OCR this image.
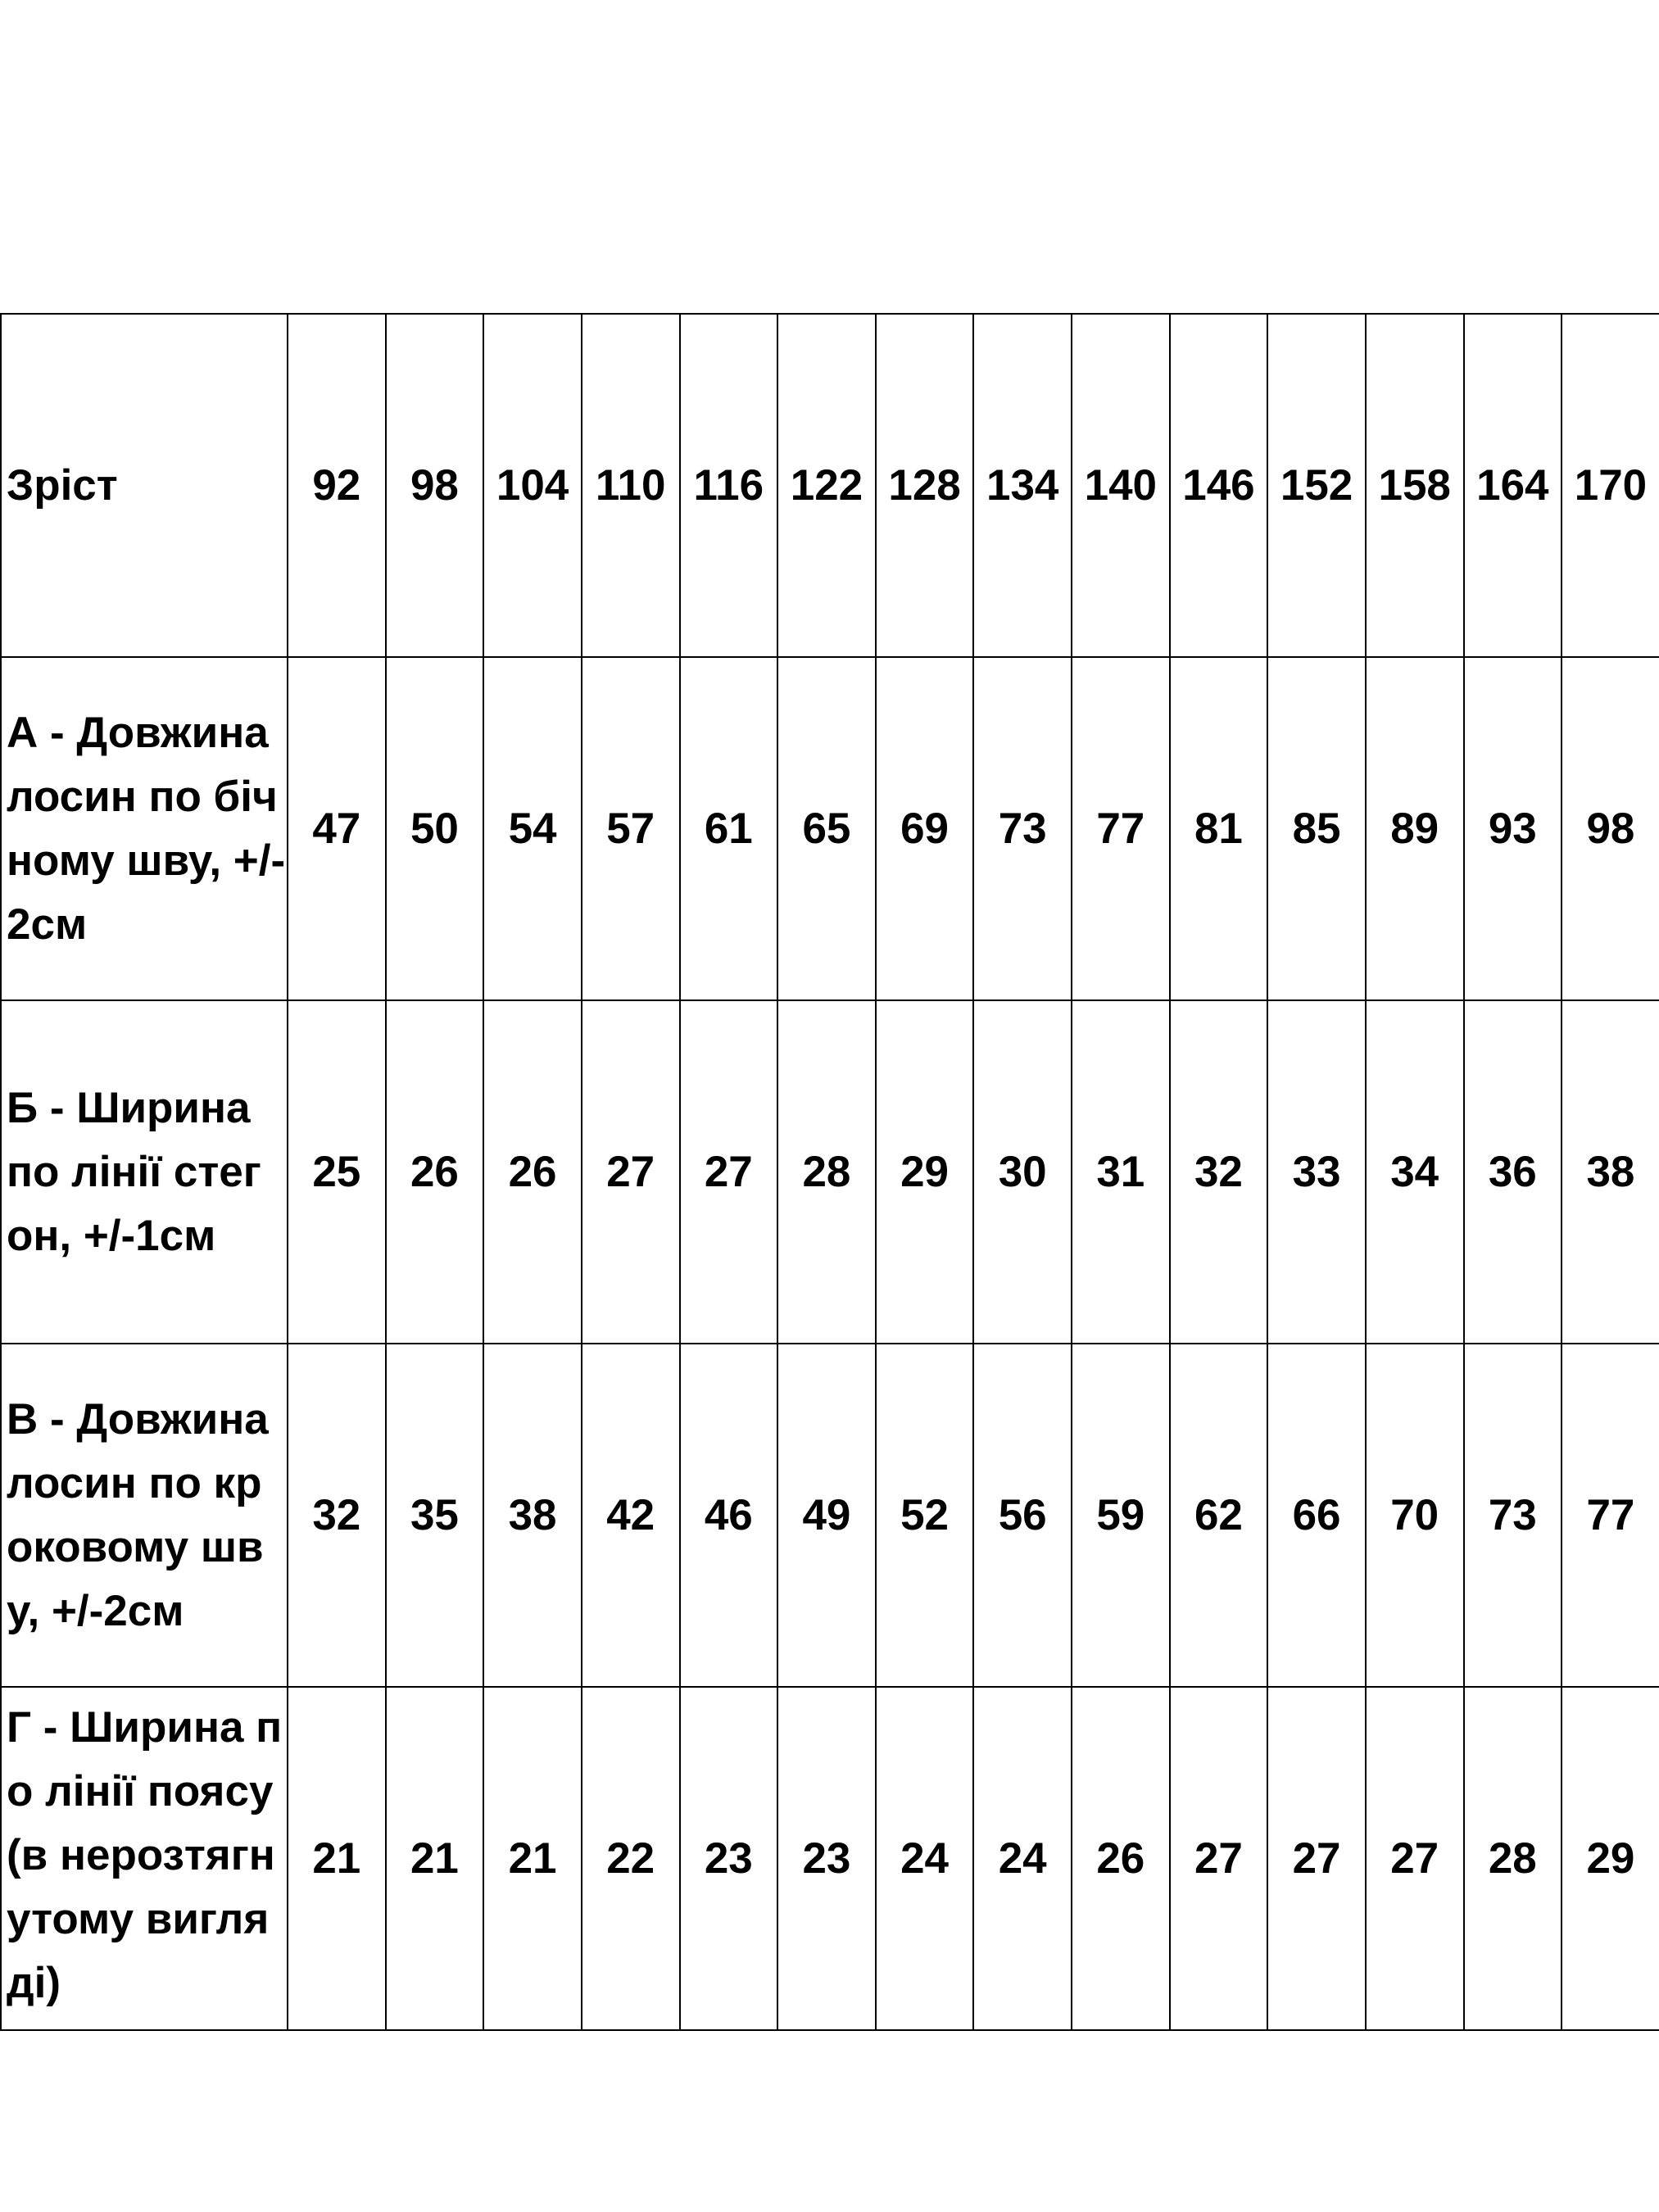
Зріст	92	98	104	110	116	122	128	134	140	146	152	158	164	170

А - Довжина лосин по бічному шву, +/-2см	47	50	54	57	61	65	69	73	77	81	85	89	93	98

Б - Ширина по лінії стегон, +/-1см	25	26	26	27	27	28	29	30	31	32	33	34	36	38

В - Довжина лосин по кроковому шву, +/-2см	32	35	38	42	46	49	52	56	59	62	66	70	73	77

Г - Ширина по лінії поясу (в нерозтягнутому вигляді)	21	21	21	22	23	23	24	24	26	27	27	27	28	29
